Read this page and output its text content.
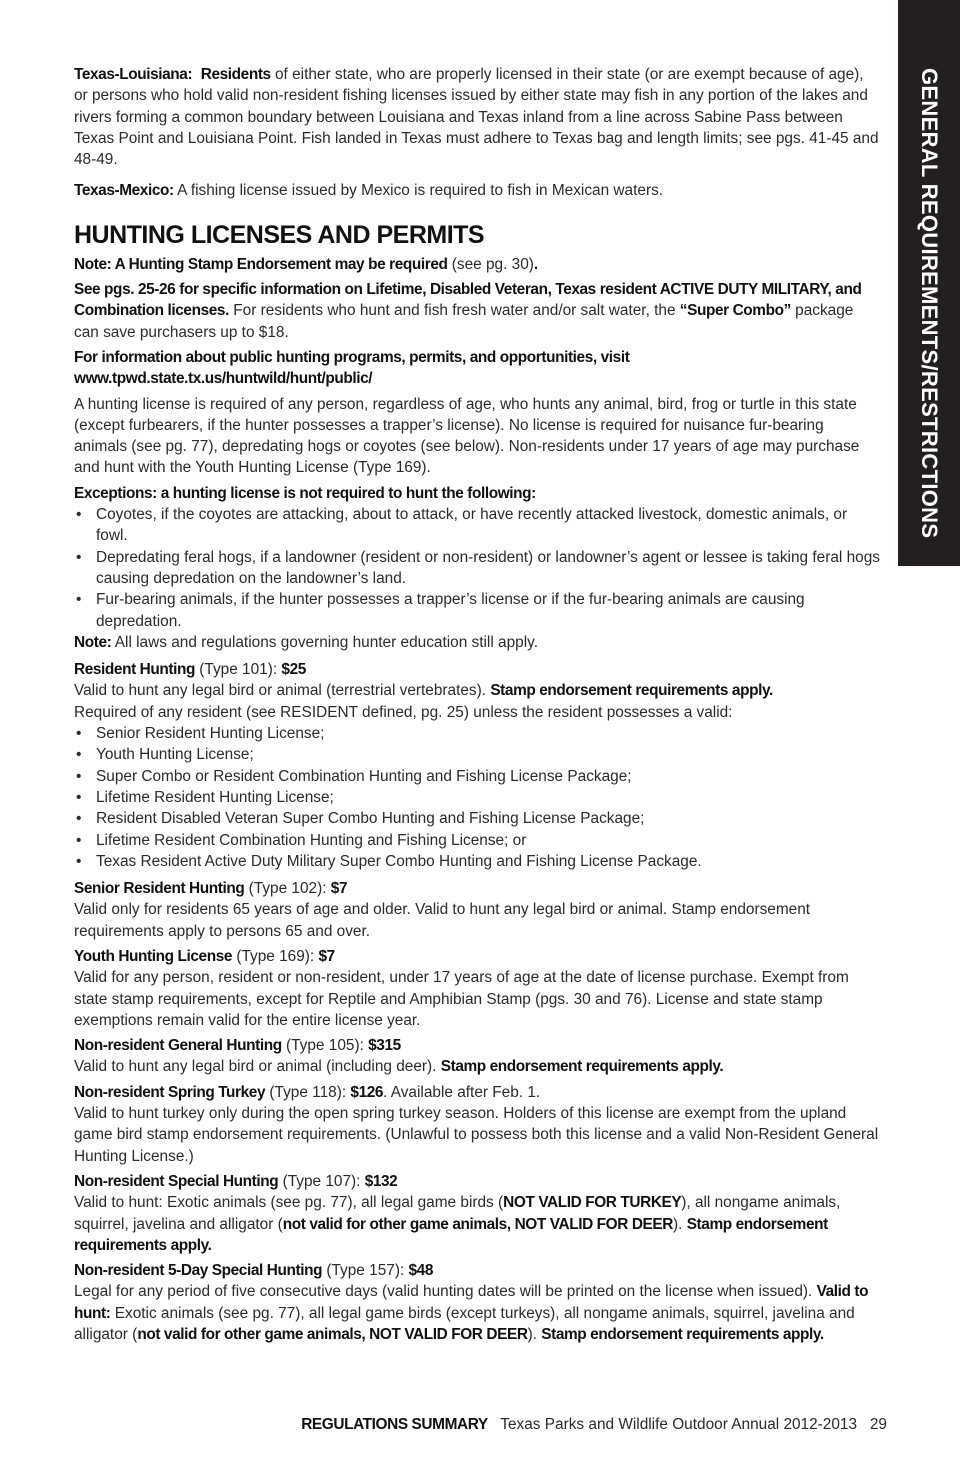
GENERAL REQUIREMENTS/RESTRICTIONS

Texas-Louisiana: Residents of either state, who are properly licensed in their state (or are exempt because of age), or persons who hold valid non-resident fishing licenses issued by either state may fish in any portion of the lakes and rivers forming a common boundary between Louisiana and Texas inland from a line across Sabine Pass between Texas Point and Louisiana Point. Fish landed in Texas must adhere to Texas bag and length limits; see pgs. 41-45 and 48-49.

Texas-Mexico: A fishing license issued by Mexico is required to fish in Mexican waters.

HUNTING LICENSES AND PERMITS

Note: A Hunting Stamp Endorsement may be required (see pg. 30).

See pgs. 25-26 for specific information on Lifetime, Disabled Veteran, Texas resident ACTIVE DUTY MILITARY, and Combination licenses. For residents who hunt and fish fresh water and/or salt water, the “Super Combo” package can save purchasers up to $18.

For information about public hunting programs, permits, and opportunities, visit
www.tpwd.state.tx.us/huntwild/hunt/public/

A hunting license is required of any person, regardless of age, who hunts any animal, bird, frog or turtle in this state (except furbearers, if the hunter possesses a trapper’s license). No license is required for nuisance fur-bearing animals (see pg. 77), depredating hogs or coyotes (see below). Non-residents under 17 years of age may purchase and hunt with the Youth Hunting License (Type 169).

Exceptions: a hunting license is not required to hunt the following:
• Coyotes, if the coyotes are attacking, about to attack, or have recently attacked livestock, domestic animals, or fowl.
• Depredating feral hogs, if a landowner (resident or non-resident) or landowner’s agent or lessee is taking feral hogs causing depredation on the landowner’s land.
• Fur-bearing animals, if the hunter possesses a trapper’s license or if the fur-bearing animals are causing depredation.
Note: All laws and regulations governing hunter education still apply.
Resident Hunting (Type 101): $25
Valid to hunt any legal bird or animal (terrestrial vertebrates). Stamp endorsement requirements apply.
Required of any resident (see RESIDENT defined, pg. 25) unless the resident possesses a valid:
• Senior Resident Hunting License;
• Youth Hunting License;
• Super Combo or Resident Combination Hunting and Fishing License Package;
• Lifetime Resident Hunting License;
• Resident Disabled Veteran Super Combo Hunting and Fishing License Package;
• Lifetime Resident Combination Hunting and Fishing License; or
• Texas Resident Active Duty Military Super Combo Hunting and Fishing License Package.

Senior Resident Hunting (Type 102): $7
Valid only for residents 65 years of age and older. Valid to hunt any legal bird or animal. Stamp endorsement requirements apply to persons 65 and over.

Youth Hunting License (Type 169): $7
Valid for any person, resident or non-resident, under 17 years of age at the date of license purchase. Exempt from state stamp requirements, except for Reptile and Amphibian Stamp (pgs. 30 and 76). License and state stamp exemptions remain valid for the entire license year.

Non-resident General Hunting (Type 105): $315
Valid to hunt any legal bird or animal (including deer). Stamp endorsement requirements apply.

Non-resident Spring Turkey (Type 118): $126. Available after Feb. 1.
Valid to hunt turkey only during the open spring turkey season. Holders of this license are exempt from the upland game bird stamp endorsement requirements. (Unlawful to possess both this license and a valid Non-Resident General Hunting License.)

Non-resident Special Hunting (Type 107): $132
Valid to hunt: Exotic animals (see pg. 77), all legal game birds (NOT VALID FOR TURKEY), all nongame animals, squirrel, javelina and alligator (not valid for other game animals, NOT VALID FOR DEER). Stamp endorsement requirements apply.

Non-resident 5-Day Special Hunting (Type 157): $48
Legal for any period of five consecutive days (valid hunting dates will be printed on the license when issued). Valid to hunt: Exotic animals (see pg. 77), all legal game birds (except turkeys), all nongame animals, squirrel, javelina and alligator (not valid for other game animals, NOT VALID FOR DEER). Stamp endorsement requirements apply.

REGULATIONS SUMMARY Texas Parks and Wildlife Outdoor Annual 2012-2013 29
